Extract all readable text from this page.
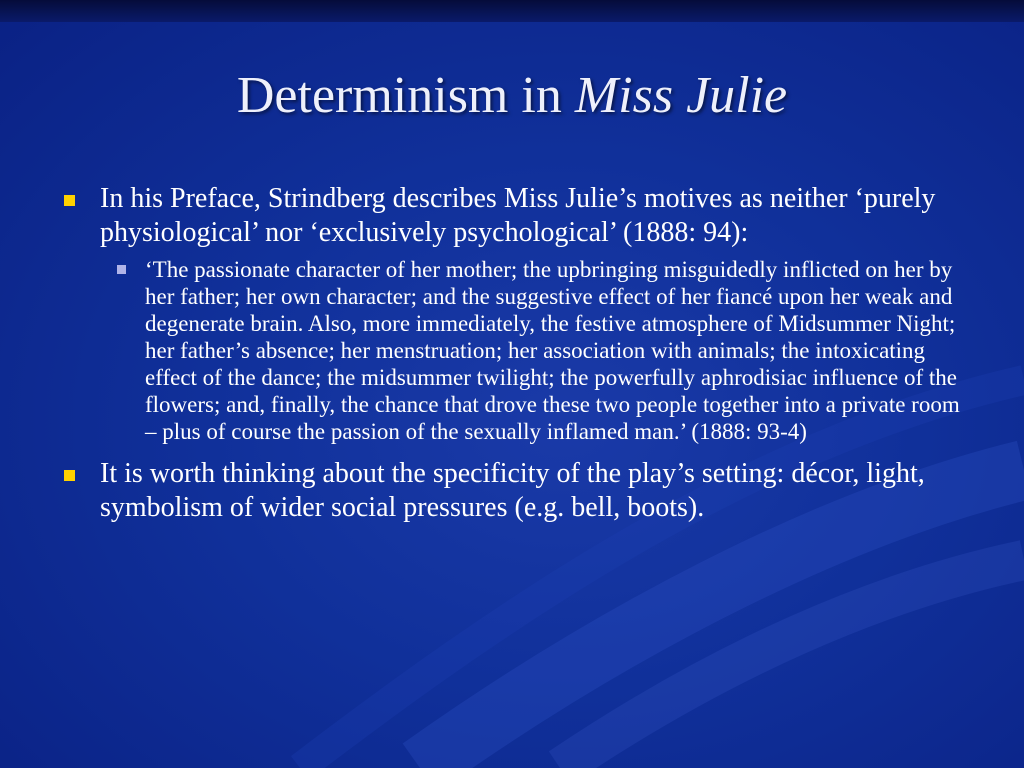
Determinism in Miss Julie
In his Preface, Strindberg describes Miss Julie’s motives as neither ‘purely physiological’ nor ‘exclusively psychological’ (1888: 94):
‘The passionate character of her mother; the upbringing misguidedly inflicted on her by her father; her own character; and the suggestive effect of her fiancé upon her weak and degenerate brain. Also, more immediately, the festive atmosphere of Midsummer Night; her father’s absence; her menstruation; her association with animals; the intoxicating effect of the dance; the midsummer twilight; the powerfully aphrodisiac influence of the flowers; and, finally, the chance that drove these two people together into a private room – plus of course the passion of the sexually inflamed man.’ (1888: 93-4)
It is worth thinking about the specificity of the play’s setting: décor, light, symbolism of wider social pressures (e.g. bell, boots).
